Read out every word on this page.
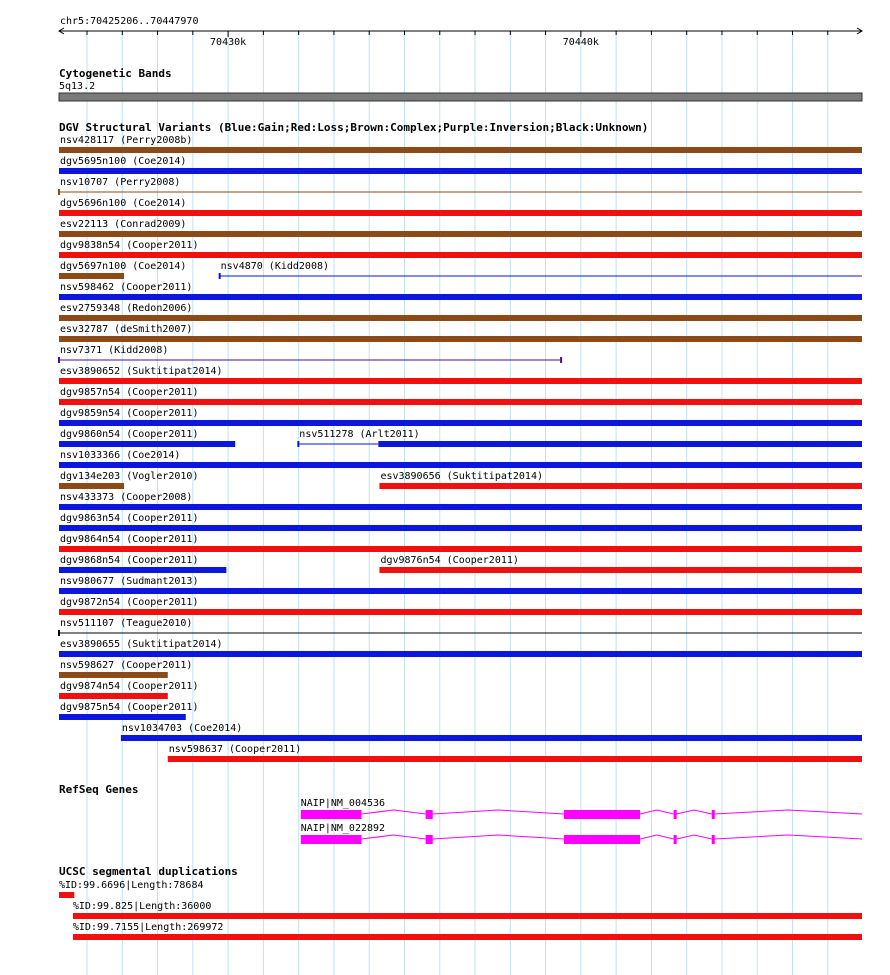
chr5:70425206..70447970
70430k	70440k
Cytogenetic Bands
5q13.2
DGV Structural Variants (Blue:Gain;Red:Loss;Brown:Complex;Purple:Inversion;Black:Unknown)
nsv428117 (Perry2008b)
dgv5695n100 (Coe2014)
nsv10707 (Perry2008)
dgv5696n100 (Coe2014)
esv22113 (Conrad2009)
dgv9838n54 (Cooper2011)
dgv5697n100 (Coe2014)	nsv4870 (Kidd2008)
nsv598462 (Cooper2011)
esv2759348 (Redon2006)
esv32787 (deSmith2007)
nsv7371 (Kidd2008)
esv3890652 (Suktitipat2014)
dgv9857n54 (Cooper2011)
dgv9859n54 (Cooper2011)
dgv9860n54 (Cooper2011)	nsv511278 (Arlt2011)
nsv1033366 (Coe2014)
dgv134e203 (Vogler2010)	esv3890656 (Suktitipat2014)
nsv433373 (Cooper2008)
dgv9863n54 (Cooper2011)
dgv9864n54 (Cooper2011)
dgv9868n54 (Cooper2011)	dgv9876n54 (Cooper2011)
nsv980677 (Sudmant2013)
dgv9872n54 (Cooper2011)
nsv511107 (Teague2010)
esv3890655 (Suktitipat2014)
nsv598627 (Cooper2011)
dgv9874n54 (Cooper2011)
dgv9875n54 (Cooper2011)
nsv1034703 (Coe2014)
nsv598637 (Cooper2011)
RefSeq Genes
NAIP|NM_004536
NAIP|NM_022892
UCSC segmental duplications
%ID:99.6696|Length:78684
%ID:99.825|Length:36000
%ID:99.7155|Length:269972
